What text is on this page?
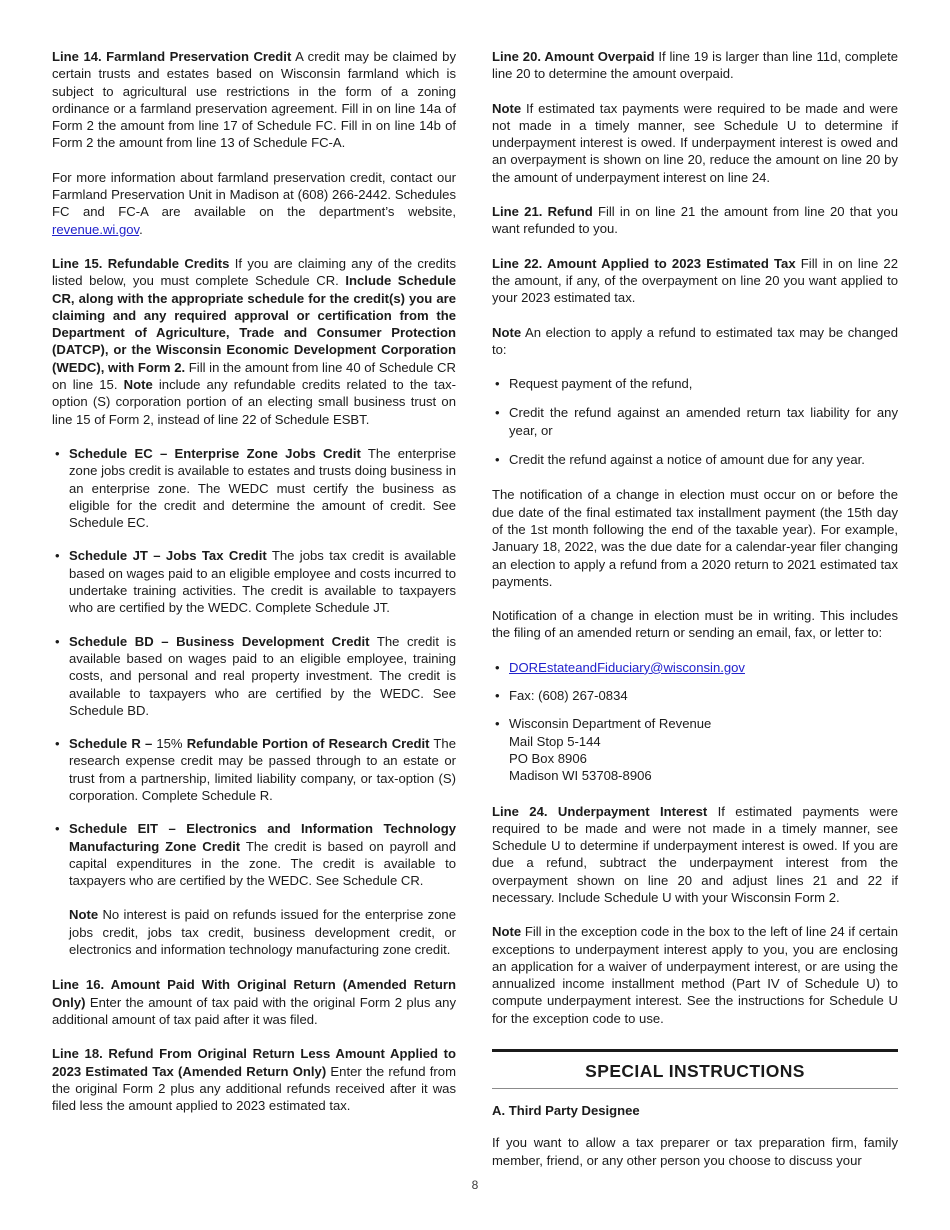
Line 14. Farmland Preservation Credit A credit may be claimed by certain trusts and estates based on Wisconsin farmland which is subject to agricultural use restrictions in the form of a zoning ordinance or a farmland preservation agreement. Fill in on line 14a of Form 2 the amount from line 17 of Schedule FC. Fill in on line 14b of Form 2 the amount from line 13 of Schedule FC-A.

For more information about farmland preservation credit, contact our Farmland Preservation Unit in Madison at (608) 266-2442. Schedules FC and FC-A are available on the department’s website, revenue.wi.gov.

Line 15. Refundable Credits If you are claiming any of the credits listed below, you must complete Schedule CR. Include Schedule CR, along with the appropriate schedule for the credit(s) you are claiming and any required approval or certification from the Department of Agriculture, Trade and Consumer Protection (DATCP), or the Wisconsin Economic Development Corporation (WEDC), with Form 2. Fill in the amount from line 40 of Schedule CR on line 15. Note include any refundable credits related to the tax-option (S) corporation portion of an electing small business trust on line 15 of Form 2, instead of line 22 of Schedule ESBT.

• Schedule EC – Enterprise Zone Jobs Credit The enterprise zone jobs credit is available to estates and trusts doing business in an enterprise zone. The WEDC must certify the business as eligible for the credit and determine the amount of credit. See Schedule EC.
• Schedule JT – Jobs Tax Credit The jobs tax credit is available based on wages paid to an eligible employee and costs incurred to undertake training activities. The credit is available to taxpayers who are certified by the WEDC. Complete Schedule JT.
• Schedule BD – Business Development Credit The credit is available based on wages paid to an eligible employee, training costs, and personal and real property investment. The credit is available to taxpayers who are certified by the WEDC. See Schedule BD.
• Schedule R – 15% Refundable Portion of Research Credit The research expense credit may be passed through to an estate or trust from a partnership, limited liability company, or tax-option (S) corporation. Complete Schedule R.
• Schedule EIT – Electronics and Information Technology Manufacturing Zone Credit The credit is based on payroll and capital expenditures in the zone. The credit is available to taxpayers who are certified by the WEDC. See Schedule CR.
Note No interest is paid on refunds issued for the enterprise zone jobs credit, jobs tax credit, business development credit, or electronics and information technology manufacturing zone credit.

Line 16. Amount Paid With Original Return (Amended Return Only) Enter the amount of tax paid with the original Form 2 plus any additional amount of tax paid after it was filed.

Line 18. Refund From Original Return Less Amount Applied to 2023 Estimated Tax (Amended Return Only) Enter the refund from the original Form 2 plus any additional refunds received after it was filed less the amount applied to 2023 estimated tax.

Line 20. Amount Overpaid If line 19 is larger than line 11d, complete line 20 to determine the amount overpaid.

Note If estimated tax payments were required to be made and were not made in a timely manner, see Schedule U to determine if underpayment interest is owed. If underpayment interest is owed and an overpayment is shown on line 20, reduce the amount on line 20 by the amount of underpayment interest on line 24.

Line 21. Refund Fill in on line 21 the amount from line 20 that you want refunded to you.

Line 22. Amount Applied to 2023 Estimated Tax Fill in on line 22 the amount, if any, of the overpayment on line 20 you want applied to your 2023 estimated tax.

Note An election to apply a refund to estimated tax may be changed to:

• Request payment of the refund,
• Credit the refund against an amended return tax liability for any year, or
• Credit the refund against a notice of amount due for any year.

The notification of a change in election must occur on or before the due date of the final estimated tax installment payment (the 15th day of the 1st month following the end of the taxable year). For example, January 18, 2022, was the due date for a calendar-year filer changing an election to apply a refund from a 2020 return to 2021 estimated tax payments.

Notification of a change in election must be in writing. This includes the filing of an amended return or sending an email, fax, or letter to:

• DOREstateandFiduciary@wisconsin.gov
• Fax: (608) 267-0834
• Wisconsin Department of Revenue
Mail Stop 5-144
PO Box 8906
Madison WI 53708-8906

Line 24. Underpayment Interest If estimated payments were required to be made and were not made in a timely manner, see Schedule U to determine if underpayment interest is owed. If you are due a refund, subtract the underpayment interest from the overpayment shown on line 20 and adjust lines 21 and 22 if necessary. Include Schedule U with your Wisconsin Form 2.

Note Fill in the exception code in the box to the left of line 24 if certain exceptions to underpayment interest apply to you, you are enclosing an application for a waiver of underpayment interest, or are using the annualized income installment method (Part IV of Schedule U) to compute underpayment interest. See the instructions for Schedule U for the exception code to use.

SPECIAL INSTRUCTIONS
A. Third Party Designee

If you want to allow a tax preparer or tax preparation firm, family member, friend, or any other person you choose to discuss your

8
